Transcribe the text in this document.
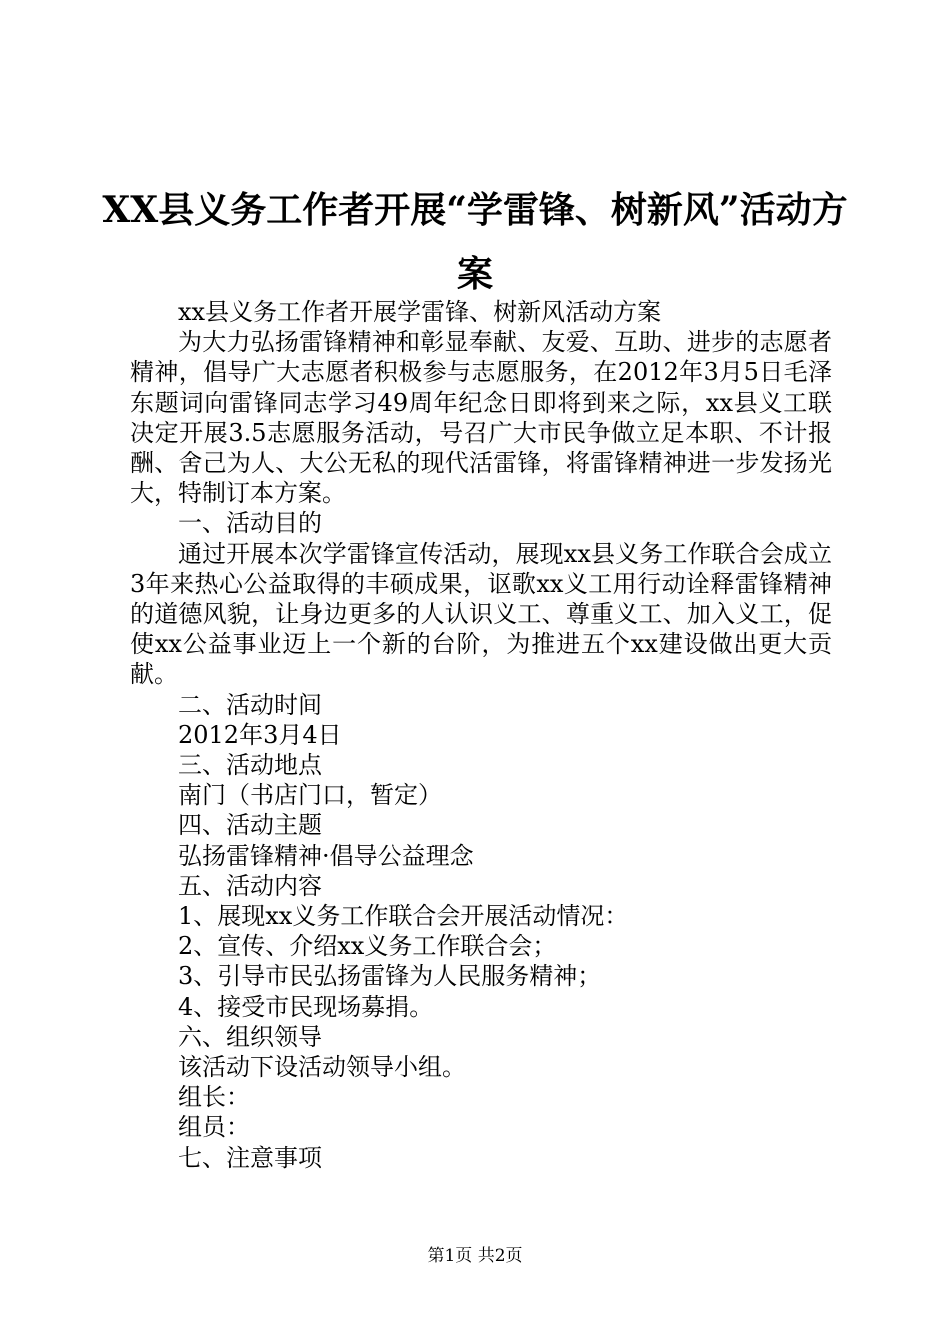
XX县义务工作者开展“学雷锋、树新风”活动方案

xx县义务工作者开展学雷锋、树新风活动方案

为大力弘扬雷锋精神和彰显奉献、友爱、互助、进步的志愿者精神，倡导广大志愿者积极参与志愿服务，在2012年3月5日毛泽东题词向雷锋同志学习49周年纪念日即将到来之际，xx县义工联决定开展3.5志愿服务活动，号召广大市民争做立足本职、不计报酬、舍己为人、大公无私的现代活雷锋，将雷锋精神进一步发扬光大，特制订本方案。

一、活动目的

通过开展本次学雷锋宣传活动，展现xx县义务工作联合会成立3年来热心公益取得的丰硕成果，讴歌xx义工用行动诠释雷锋精神的道德风貌，让身边更多的人认识义工、尊重义工、加入义工，促使xx公益事业迈上一个新的台阶，为推进五个xx建设做出更大贡献。

二、活动时间

2012年3月4日

三、活动地点

南门（书店门口，暂定）

四、活动主题

弘扬雷锋精神·倡导公益理念

五、活动内容

1、展现xx义务工作联合会开展活动情况：

2、宣传、介绍xx义务工作联合会；

3、引导市民弘扬雷锋为人民服务精神；

4、接受市民现场募捐。

六、组织领导

该活动下设活动领导小组。

组长：

组员：

七、注意事项

第1页 共2页
